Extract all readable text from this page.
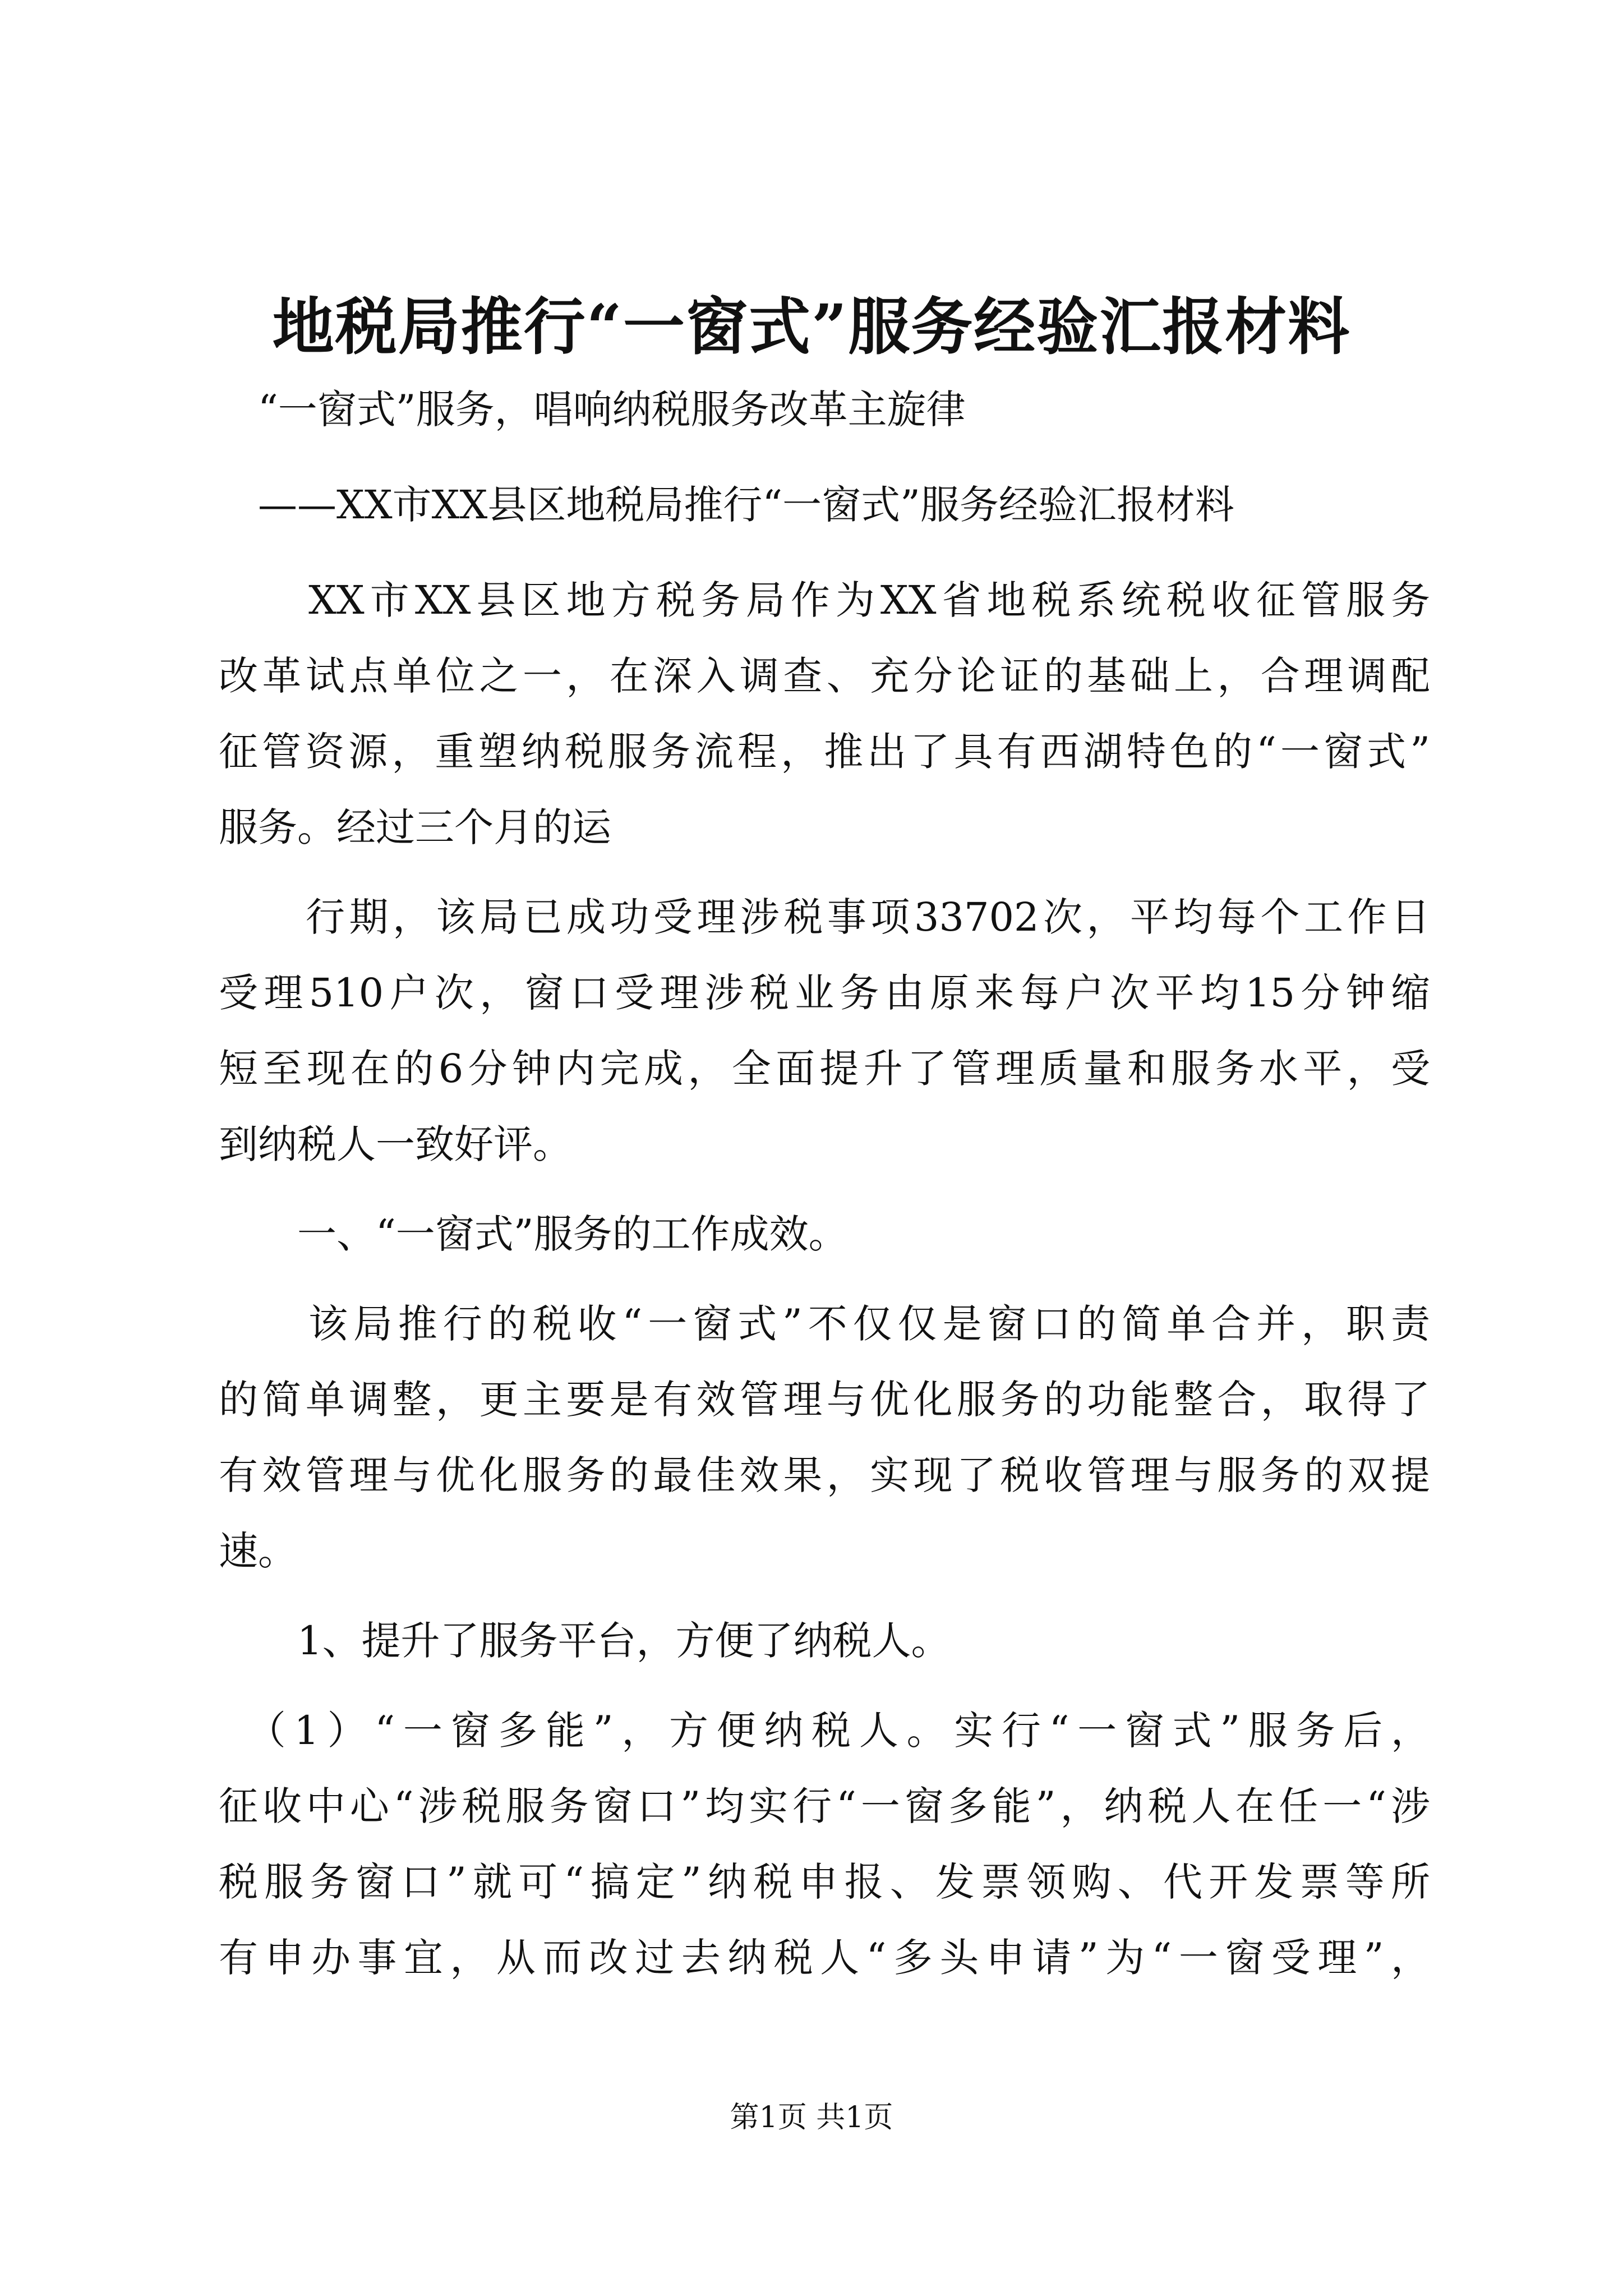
地税局推行“一窗式”服务经验汇报材料
　“一窗式”服务，唱响纳税服务改革主旋律
　——XX市XX县区地税局推行“一窗式”服务经验汇报材料
　　XX市XX县区地方税务局作为XX省地税系统税收征管服务
改革试点单位之一，在深入调查、充分论证的基础上，合理调配
征管资源，重塑纳税服务流程，推出了具有西湖特色的“一窗式”
服务。经过三个月的运
　　行期，该局已成功受理涉税事项33702次，平均每个工作日
受理510户次，窗口受理涉税业务由原来每户次平均15分钟缩
短至现在的6分钟内完成，全面提升了管理质量和服务水平，受
到纳税人一致好评。
　　一、“一窗式”服务的工作成效。
　　该局推行的税收“一窗式”不仅仅是窗口的简单合并，职责
的简单调整，更主要是有效管理与优化服务的功能整合，取得了
有效管理与优化服务的最佳效果，实现了税收管理与服务的双提
速。
　　1、提升了服务平台，方便了纳税人。
　（1）“一窗多能”，方便纳税人。实行“一窗式”服务后，
征收中心“涉税服务窗口”均实行“一窗多能”，纳税人在任一“涉
税服务窗口”就可“搞定”纳税申报、发票领购、代开发票等所
有申办事宜，从而改过去纳税人“多头申请”为“一窗受理”，
第1页 共1页
